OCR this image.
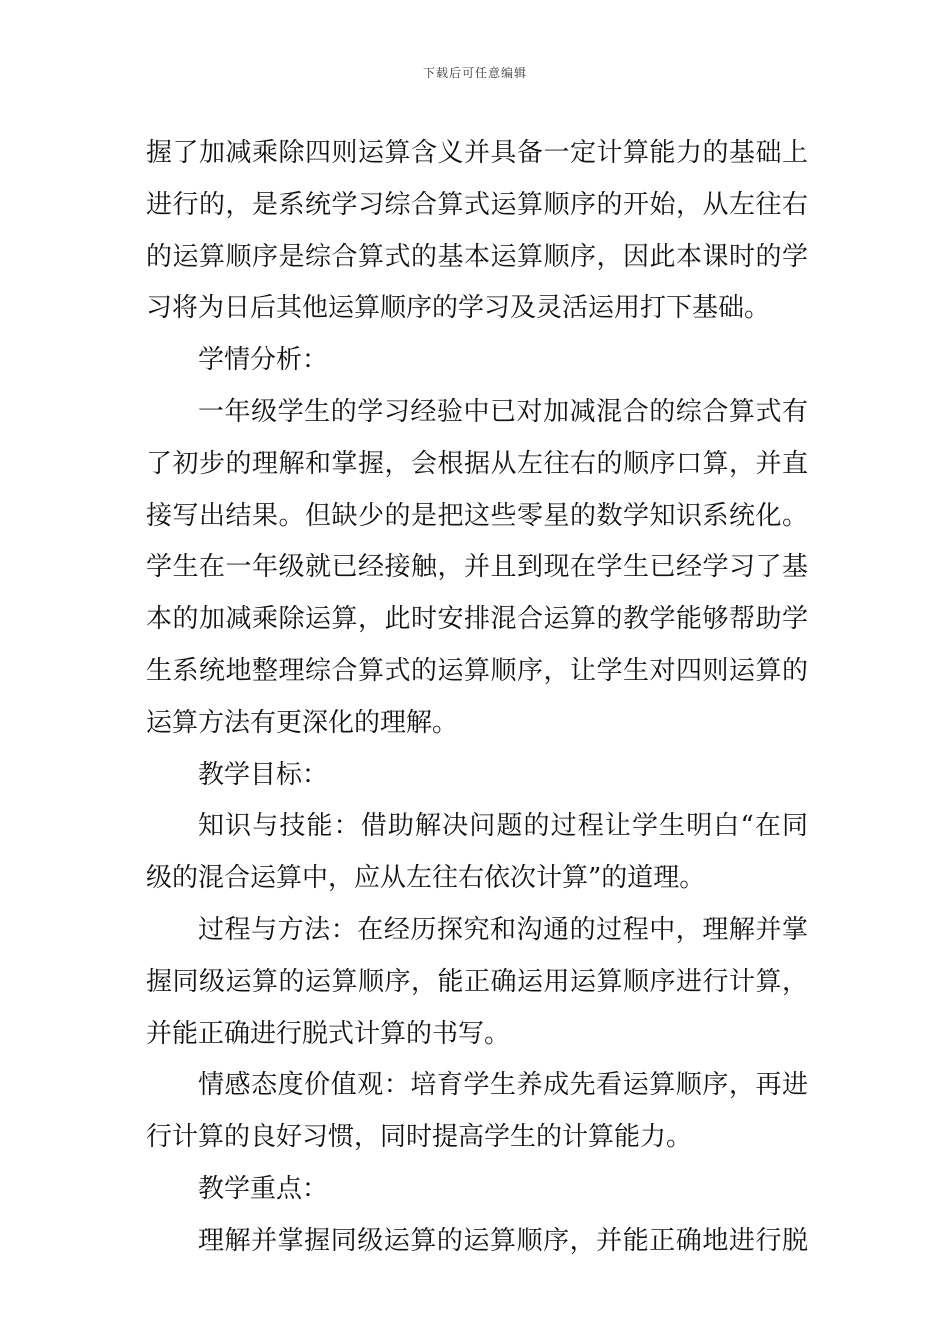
下载后可任意编辑
握了加减乘除四则运算含义并具备一定计算能力的基础上
进行的，是系统学习综合算式运算顺序的开始，从左往右
的运算顺序是综合算式的基本运算顺序，因此本课时的学
习将为日后其他运算顺序的学习及灵活运用打下基础。
学情分析：
一年级学生的学习经验中已对加减混合的综合算式有
了初步的理解和掌握，会根据从左往右的顺序口算，并直
接写出结果。但缺少的是把这些零星的数学知识系统化。
学生在一年级就已经接触，并且到现在学生已经学习了基
本的加减乘除运算，此时安排混合运算的教学能够帮助学
生系统地整理综合算式的运算顺序，让学生对四则运算的
运算方法有更深化的理解。
教学目标：
知识与技能：借助解决问题的过程让学生明白“在同
级的混合运算中，应从左往右依次计算”的道理。
过程与方法：在经历探究和沟通的过程中，理解并掌
握同级运算的运算顺序，能正确运用运算顺序进行计算，
并能正确进行脱式计算的书写。
情感态度价值观：培育学生养成先看运算顺序，再进
行计算的良好习惯，同时提高学生的计算能力。
教学重点：
理解并掌握同级运算的运算顺序，并能正确地进行脱
